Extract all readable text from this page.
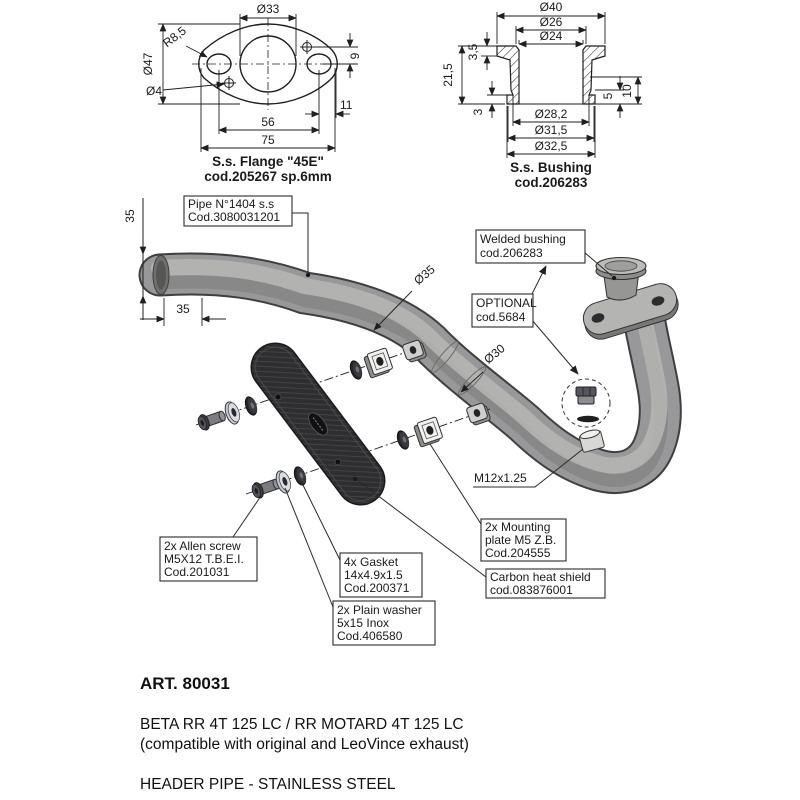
Ø33
R8,5
Ø47
Ø4
9
11
56
75
S.s. Flange "45E"
cod.205267 sp.6mm
Ø40
Ø26
Ø24
21,5
3,5
3
5 10
Ø28,2
Ø31,5
Ø32,5
S.s. Bushing
cod.206283
35
35
Ø35
Ø30
Pipe N°1404 s.s
Cod.3080031201
Welded bushing
cod.206283
OPTIONAL
cod.5684
M12x1.25
2x Mounting
plate M5 Z.B.
Cod.204555
Carbon heat shield
cod.083876001
2x Allen screw
M5X12 T.B.E.I.
Cod.201031
4x Gasket
14x4.9x1.5
Cod.200371
2x Plain washer
5x15 Inox
Cod.406580
ART. 80031
BETA RR 4T 125 LC / RR MOTARD 4T 125 LC
(compatible with original and LeoVince exhaust)
HEADER PIPE - STAINLESS STEEL
